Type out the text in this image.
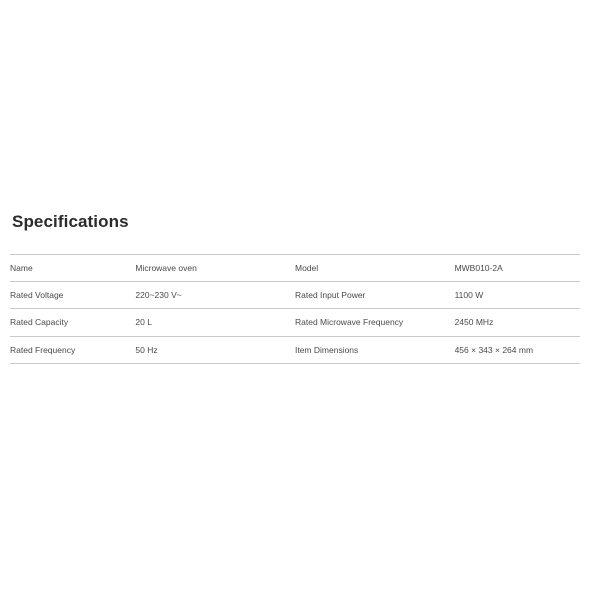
Specifications
Name	Microwave oven	Model	MWB010-2A
Rated Voltage	220~230 V~	Rated Input Power	1100 W
Rated Capacity	20 L	Rated Microwave Frequency	2450 MHz
Rated Frequency	50 Hz	Item Dimensions	456 × 343 × 264 mm
